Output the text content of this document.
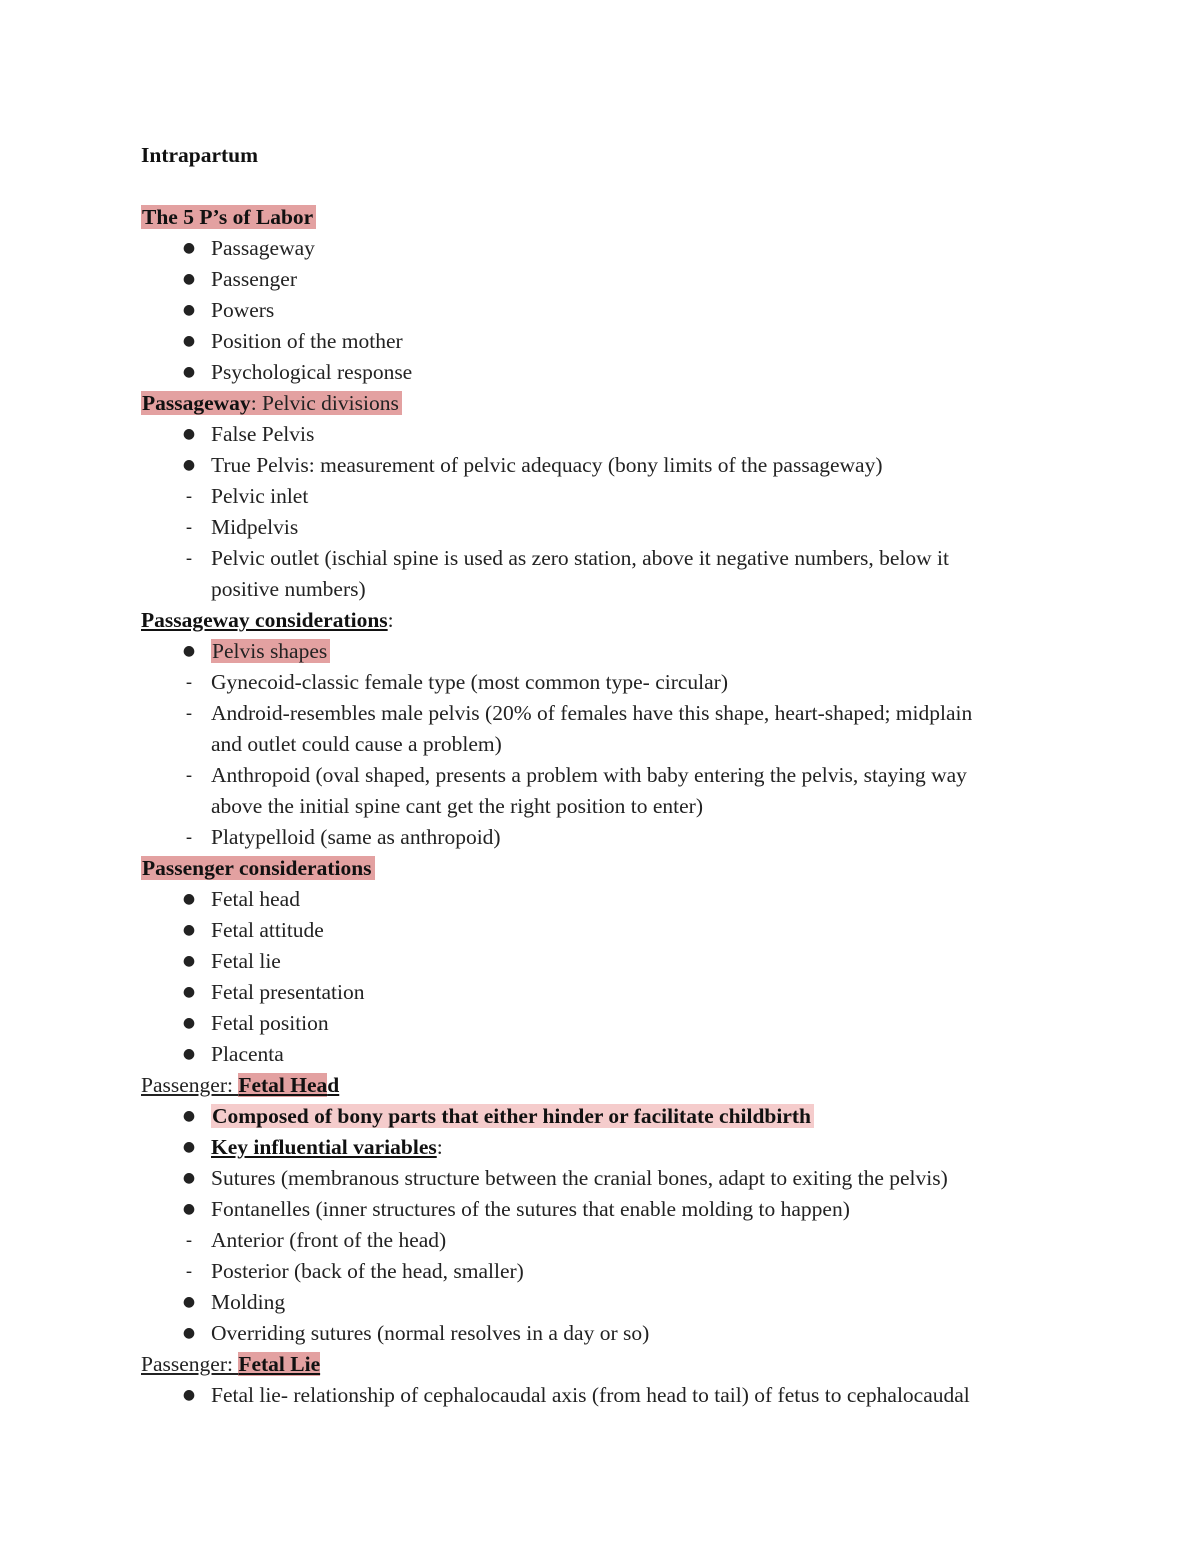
Intrapartum
The 5 P’s of Labor
● Passageway
● Passenger
● Powers
● Position of the mother
● Psychological response
Passageway: Pelvic divisions
● False Pelvis
● True Pelvis: measurement of pelvic adequacy (bony limits of the passageway)
- Pelvic inlet
- Midpelvis
- Pelvic outlet (ischial spine is used as zero station, above it negative numbers, below it
positive numbers)
Passageway considerations:
● Pelvis shapes
- Gynecoid-classic female type (most common type- circular)
- Android-resembles male pelvis (20% of females have this shape, heart-shaped; midplain
and outlet could cause a problem)
- Anthropoid (oval shaped, presents a problem with baby entering the pelvis, staying way
above the initial spine cant get the right position to enter)
- Platypelloid (same as anthropoid)
Passenger considerations
● Fetal head
● Fetal attitude
● Fetal lie
● Fetal presentation
● Fetal position
● Placenta
Passenger: Fetal Head
● Composed of bony parts that either hinder or facilitate childbirth
● Key influential variables:
● Sutures (membranous structure between the cranial bones, adapt to exiting the pelvis)
● Fontanelles (inner structures of the sutures that enable molding to happen)
- Anterior (front of the head)
- Posterior (back of the head, smaller)
● Molding
● Overriding sutures (normal resolves in a day or so)
Passenger: Fetal Lie
● Fetal lie- relationship of cephalocaudal axis (from head to tail) of fetus to cephalocaudal
